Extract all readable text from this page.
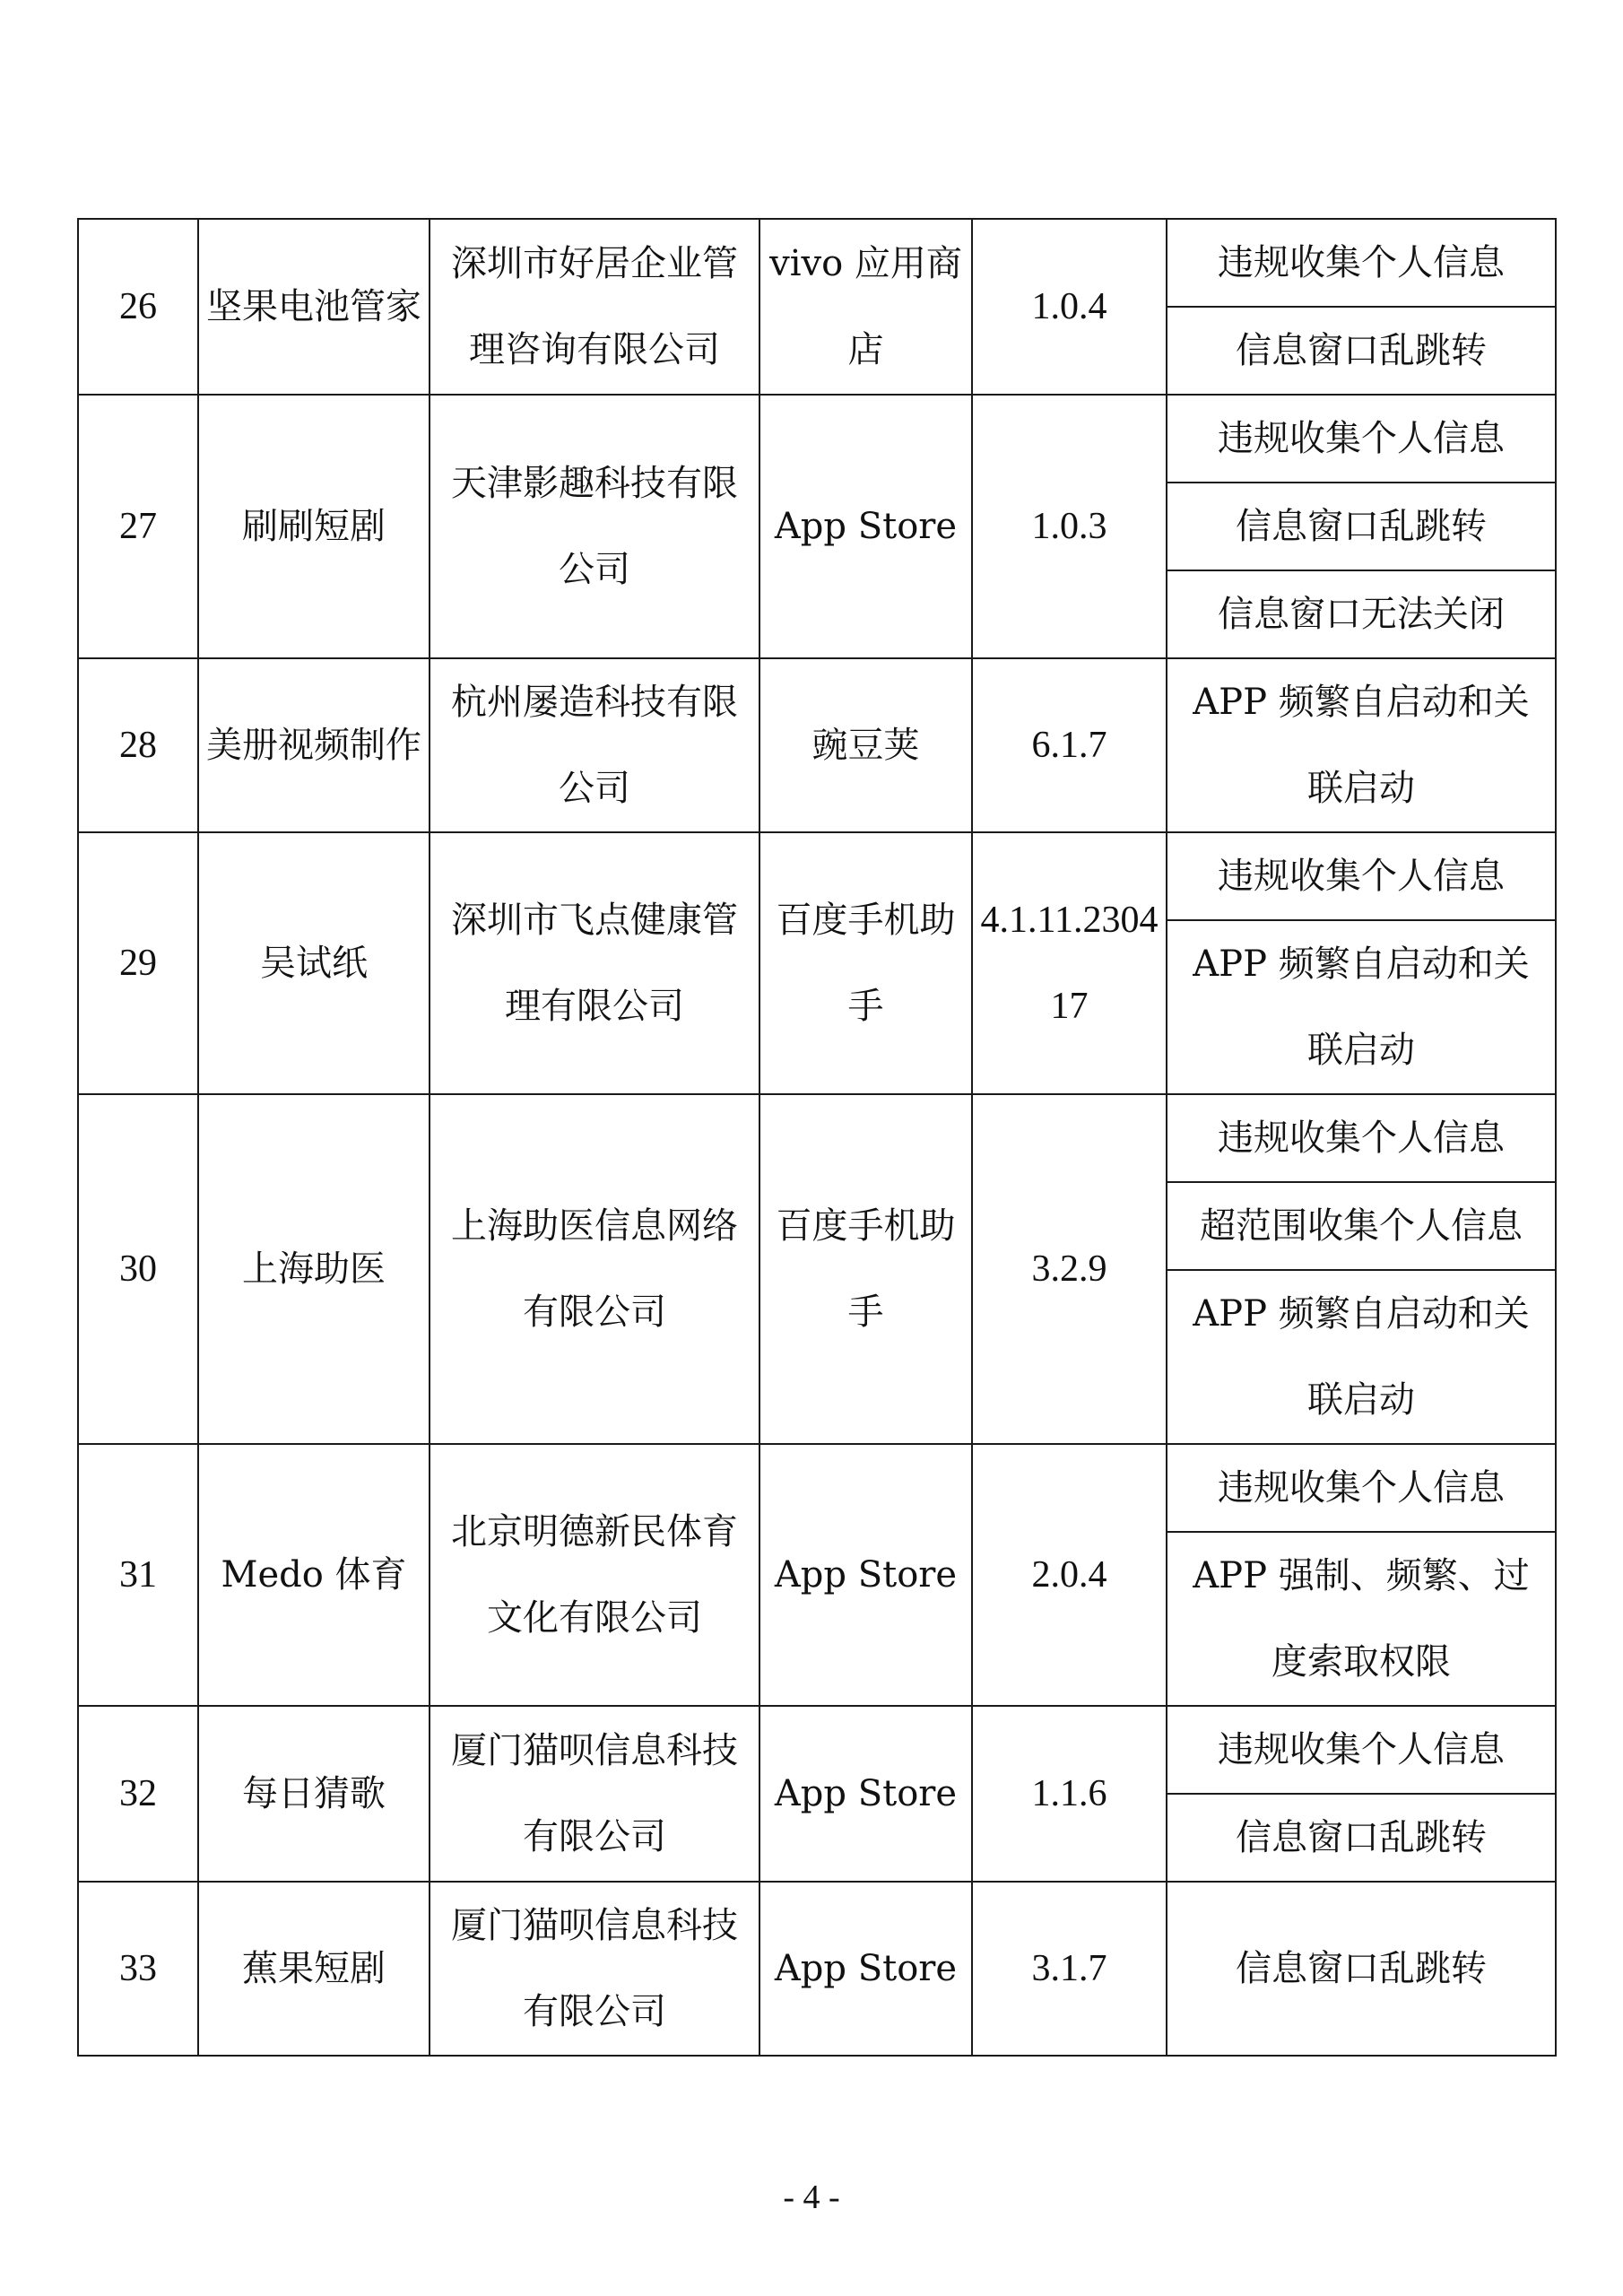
26	坚果电池管家	深圳市好居企业管理咨询有限公司	vivo 应用商店	1.0.4	违规收集个人信息
					信息窗口乱跳转
27	刷刷短剧	天津影趣科技有限公司	App Store	1.0.3	违规收集个人信息
					信息窗口乱跳转
					信息窗口无法关闭
28	美册视频制作	杭州屡造科技有限公司	豌豆荚	6.1.7	APP 频繁自启动和关联启动
29	吴试纸	深圳市飞点健康管理有限公司	百度手机助手	4.1.11.230417	违规收集个人信息
					APP 频繁自启动和关联启动
30	上海助医	上海助医信息网络有限公司	百度手机助手	3.2.9	违规收集个人信息
					超范围收集个人信息
					APP 频繁自启动和关联启动
31	Medo 体育	北京明德新民体育文化有限公司	App Store	2.0.4	违规收集个人信息
					APP 强制、频繁、过度索取权限
32	每日猜歌	厦门猫呗信息科技有限公司	App Store	1.1.6	违规收集个人信息
					信息窗口乱跳转
33	蕉果短剧	厦门猫呗信息科技有限公司	App Store	3.1.7	信息窗口乱跳转
- 4 -
